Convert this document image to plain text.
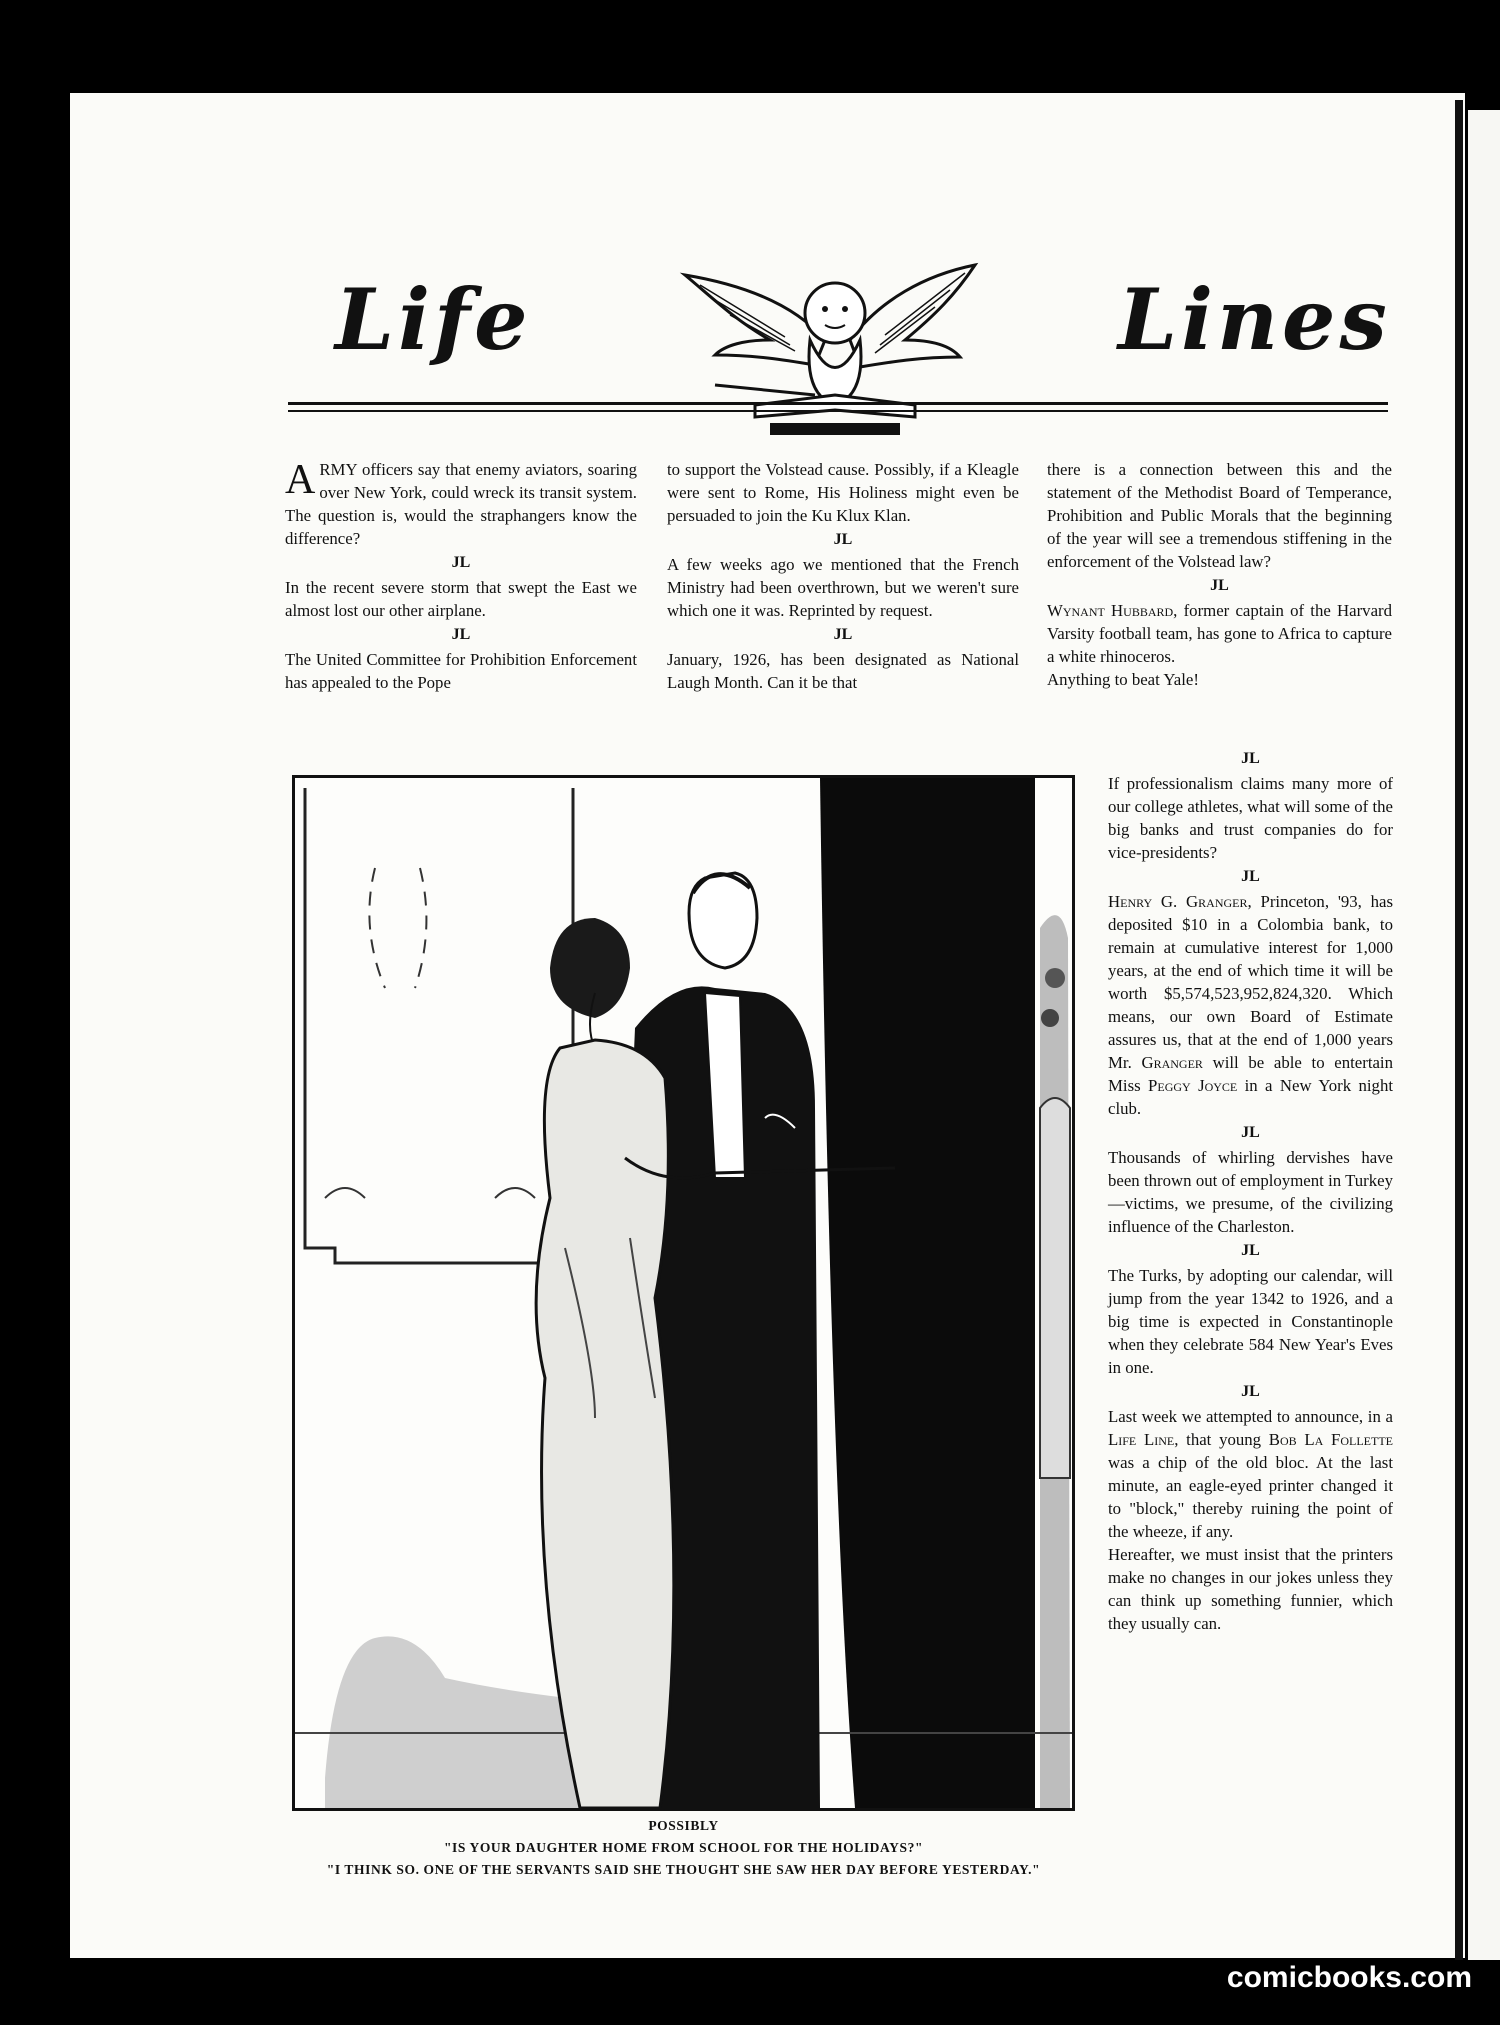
Life	Lines

ARMY officers say that enemy aviators, soaring over New York, could wreck its transit system. The question is, would the straphangers know the difference?

JL

In the recent severe storm that swept the East we almost lost our other airplane.

JL

The United Committee for Prohibition Enforcement has appealed to the Pope

to support the Volstead cause. Possibly, if a Kleagle were sent to Rome, His Holiness might even be persuaded to join the Ku Klux Klan.

JL

A few weeks ago we mentioned that the French Ministry had been overthrown, but we weren't sure which one it was. Reprinted by request.

JL

January, 1926, has been designated as National Laugh Month. Can it be that

there is a connection between this and the statement of the Methodist Board of Temperance, Prohibition and Public Morals that the beginning of the year will see a tremendous stiffening in the enforcement of the Volstead law?

JL

Wynant Hubbard, former captain of the Harvard Varsity football team, has gone to Africa to capture a white rhinoceros.

Anything to beat Yale!

JL

If professionalism claims many more of our college athletes, what will some of the big banks and trust companies do for vice-presidents?

JL

Henry G. Granger, Princeton, '93, has deposited $10 in a Colombia bank, to remain at cumulative interest for 1,000 years, at the end of which time it will be worth $5,574,523,952,824,320. Which means, our own Board of Estimate assures us, that at the end of 1,000 years Mr. Granger will be able to entertain Miss Peggy Joyce in a New York night club.

JL

Thousands of whirling dervishes have been thrown out of employment in Turkey—victims, we presume, of the civilizing influence of the Charleston.

JL

The Turks, by adopting our calendar, will jump from the year 1342 to 1926, and a big time is expected in Constantinople when they celebrate 584 New Year's Eves in one.

JL

Last week we attempted to announce, in a Life Line, that young Bob La Follette was a chip of the old bloc. At the last minute, an eagle-eyed printer changed it to "block," thereby ruining the point of the wheeze, if any.

Hereafter, we must insist that the printers make no changes in our jokes unless they can think up something funnier, which they usually can.

POSSIBLY
"IS YOUR DAUGHTER HOME FROM SCHOOL FOR THE HOLIDAYS?"
"I THINK SO. ONE OF THE SERVANTS SAID SHE THOUGHT SHE SAW HER DAY BEFORE YESTERDAY."
comicbooks.com
